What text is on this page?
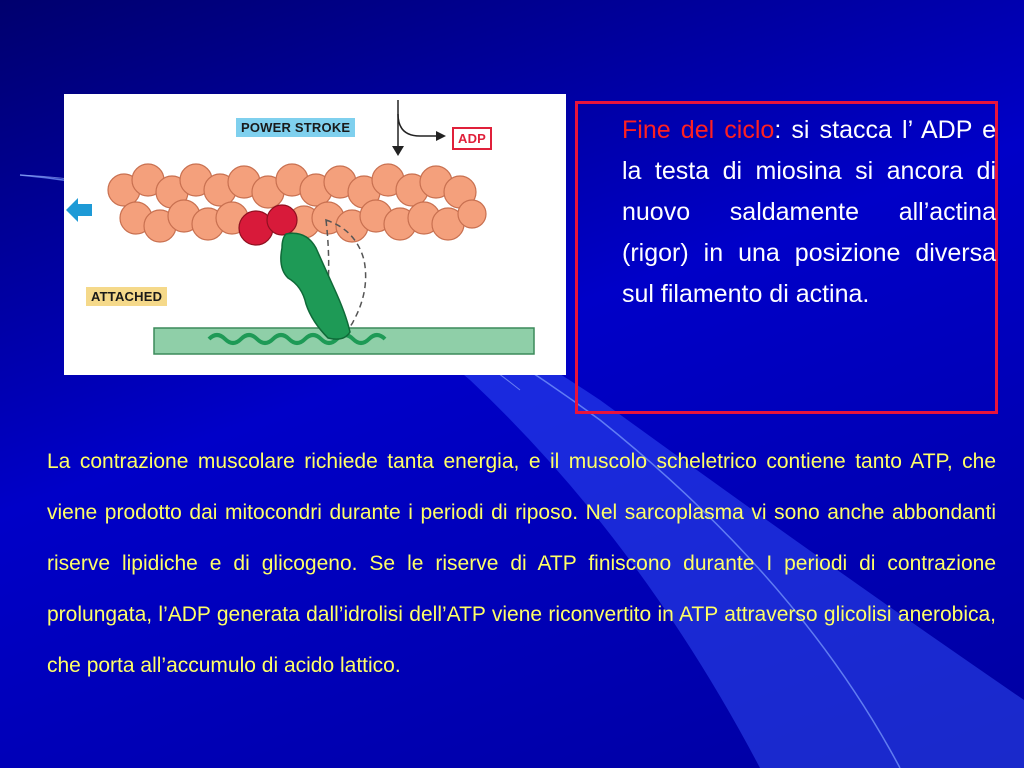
POWER STROKE
ATTACHED
ADP	Fine del ciclo: si stacca l’ ADP e la testa di miosina si ancora di nuovo saldamente all’actina (rigor) in una posizione diversa sul filamento di actina.
La contrazione muscolare richiede tanta energia, e il muscolo scheletrico contiene tanto ATP, che viene prodotto dai mitocondri durante i periodi di riposo. Nel sarcoplasma vi sono anche abbondanti riserve lipidiche e di glicogeno. Se le riserve di ATP finiscono durante I periodi di contrazione prolungata, l’ADP generata dall’idrolisi dell’ATP viene riconvertito in ATP attraverso glicolisi anerobica, che porta all’accumulo di acido lattico.
